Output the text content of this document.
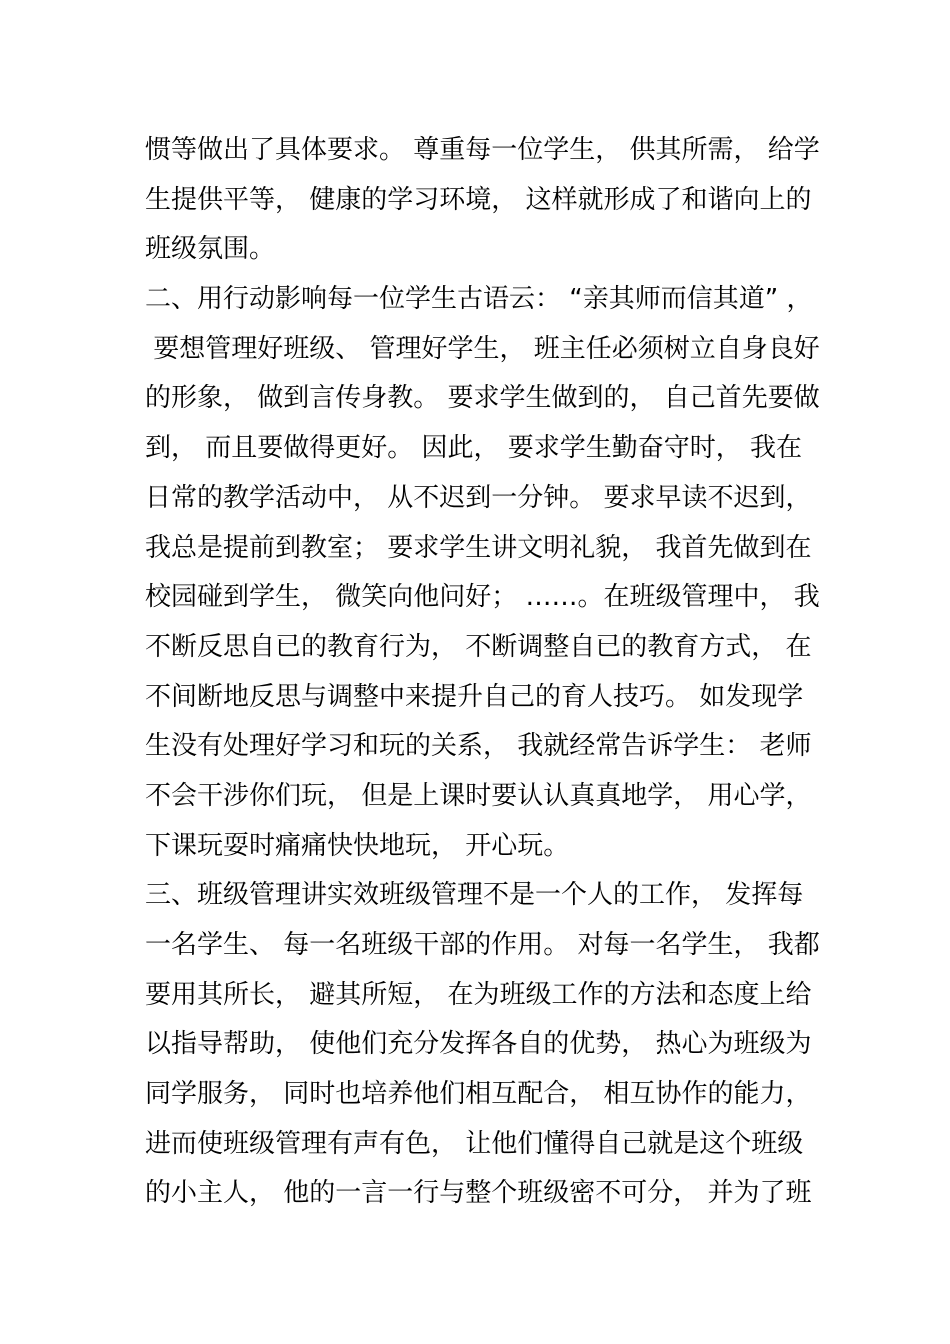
惯等做出了具体要求。 尊重每一位学生， 供其所需， 给学
生提供平等， 健康的学习环境， 这样就形成了和谐向上的
班级氛围。
二、用行动影响每一位学生古语云： “亲其师而信其道” ，
要想管理好班级、 管理好学生， 班主任必须树立自身良好
的形象， 做到言传身教。 要求学生做到的， 自己首先要做
到， 而且要做得更好。 因此， 要求学生勤奋守时， 我在
日常的教学活动中， 从不迟到一分钟。 要求早读不迟到，
我总是提前到教室； 要求学生讲文明礼貌， 我首先做到在
校园碰到学生， 微笑向他问好； ……。在班级管理中， 我
不断反思自已的教育行为， 不断调整自已的教育方式， 在
不间断地反思与调整中来提升自己的育人技巧。 如发现学
生没有处理好学习和玩的关系， 我就经常告诉学生： 老师
不会干涉你们玩， 但是上课时要认认真真地学， 用心学，
下课玩耍时痛痛快快地玩， 开心玩。
三、班级管理讲实效班级管理不是一个人的工作， 发挥每
一名学生、 每一名班级干部的作用。 对每一名学生， 我都
要用其所长， 避其所短， 在为班级工作的方法和态度上给
以指导帮助， 使他们充分发挥各自的优势， 热心为班级为
同学服务， 同时也培养他们相互配合， 相互协作的能力，
进而使班级管理有声有色， 让他们懂得自己就是这个班级
的小主人， 他的一言一行与整个班级密不可分， 并为了班
